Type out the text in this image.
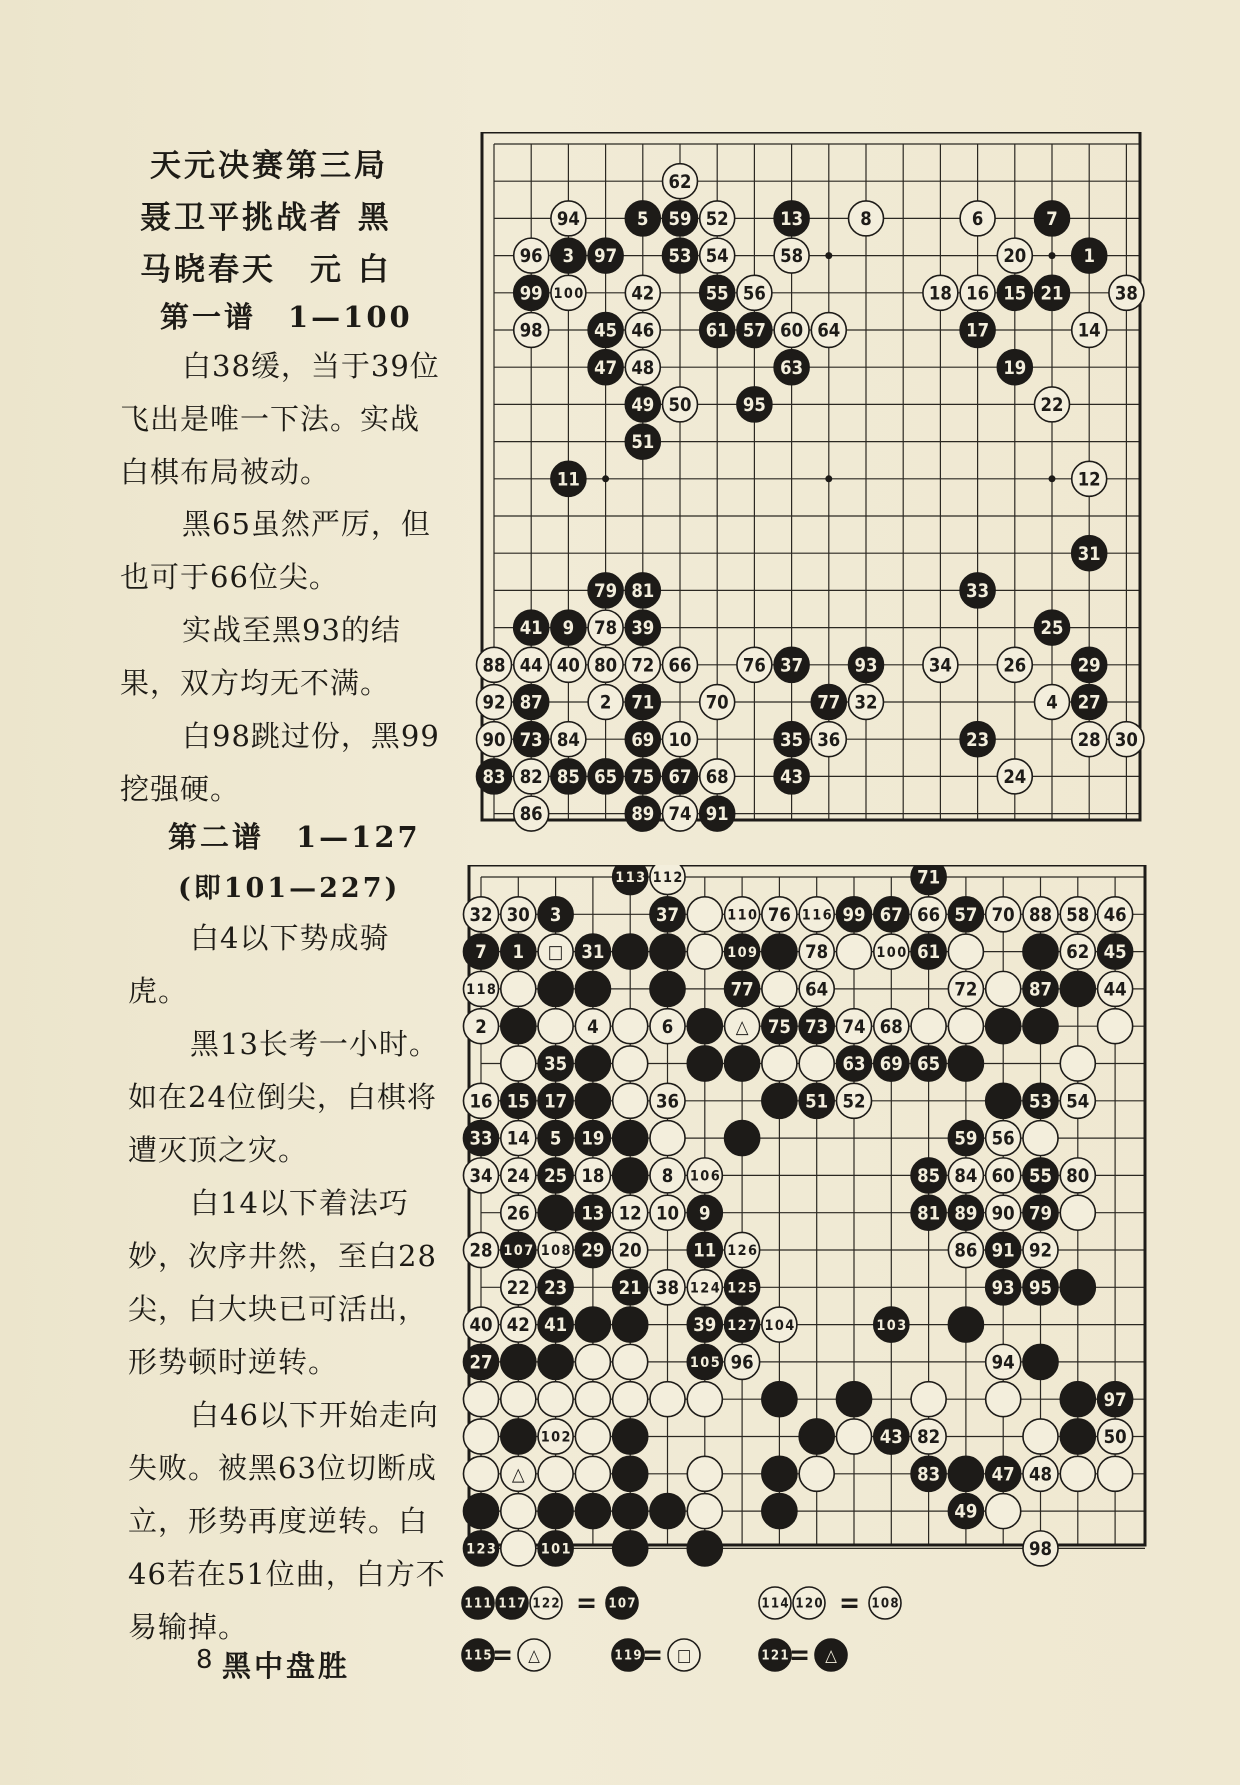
天元决赛第三局
聂卫平挑战者 黑
马晓春天　元 白
第一谱　1—100
白38缓，当于39位飞出是唯一下法。实战白棋布局被动。
黑65虽然严厉，但也可于66位尖。
实战至黑93的结果，双方均无不满。
白98跳过份，黑99挖强硬。
第二谱　1—127
(即101—227)
白4以下势成骑虎。
黑13长考一小时。如在24位倒尖，白棋将遭灭顶之灾。
白14以下着法巧妙，次序井然，至白28尖，白大块已可活出，形势顿时逆转。
白46以下开始走向失败。被黑63位切断成立，形势再度逆转。白46若在51位曲，白方不易输掉。
黑中盘胜
8
62
94	5 59 52	13	8	6	7
96 3 97	53 54	58	20	1
99 100	42	55 56	18 16 15 21	38
98	45 46	61 57 60 64	17	14
47 48	63	19
49 50	95	22
51
11	12
31
79 81	33
41 9 78 39	25
88 44 40 80 72 66	76 37	93	34	26	29
92 87	2 71	70	77 32	4 27
90 73 84	69 10	35 36	23	28 30
83 82 85 65 75 67 68	43	24
86	89 74 91
113 112	71
32 30 3	37	110 76 116 99 67 66 57 70 88 58 46
7 1 □ 31	109	78	100 61	62 45
118	77	64	72	87	44
2	4	6	△ 75 73 74 68
35	63 69 65
16 15 17	36	51 52	53 54
33 14 5 19	59 56
34 24 25 18	8 106	85 84 60 55 80
26	13 12 10 9	81 89 90 79
28 107 108 29 20	11 126	86 91 92
22 23	21 38 124 125	93 95
40 42 41	39 127 104	103
27	105 96	94
97
102	43 82	50
△	83	47 48
49
123	101	98
111 117 122 = 107	114 120 = 108
115 = △	119 = □	121 = △
